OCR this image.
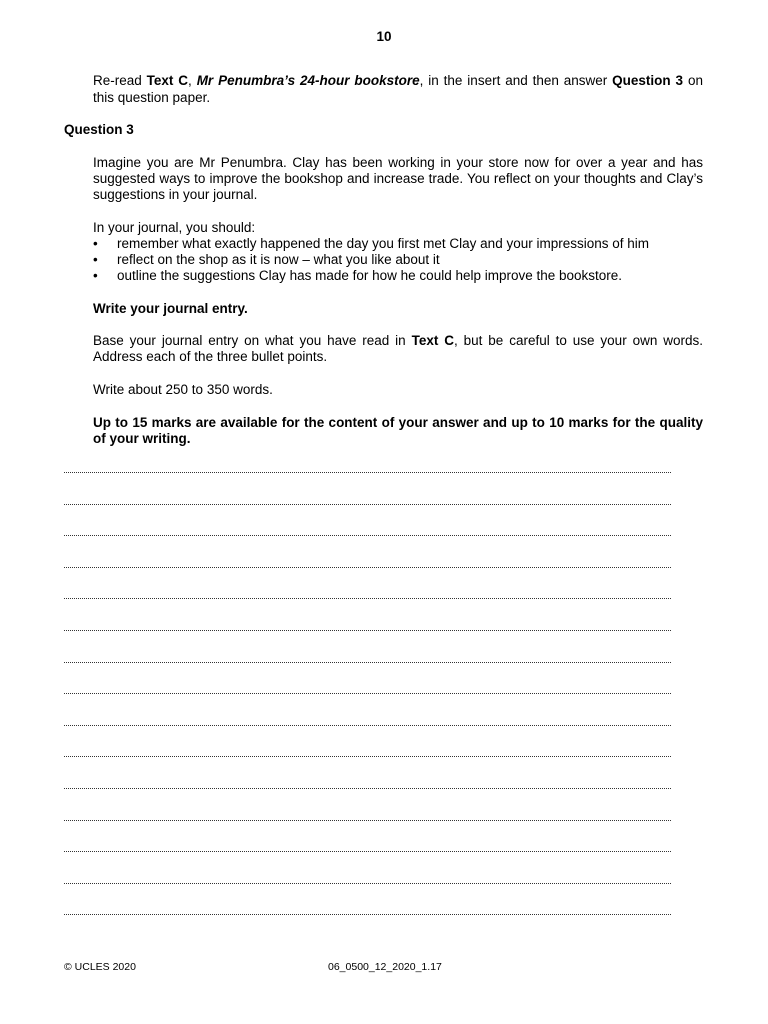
10
Re-read Text C, Mr Penumbra’s 24-hour bookstore, in the insert and then answer Question 3 on this question paper.
Question 3
Imagine you are Mr Penumbra. Clay has been working in your store now for over a year and has suggested ways to improve the bookshop and increase trade. You reflect on your thoughts and Clay’s suggestions in your journal.
In your journal, you should:
• remember what exactly happened the day you first met Clay and your impressions of him
• reflect on the shop as it is now – what you like about it
• outline the suggestions Clay has made for how he could help improve the bookstore.
Write your journal entry.
Base your journal entry on what you have read in Text C, but be careful to use your own words. Address each of the three bullet points.
Write about 250 to 350 words.
Up to 15 marks are available for the content of your answer and up to 10 marks for the quality of your writing.
© UCLES 2020	06_0500_12_2020_1.17
